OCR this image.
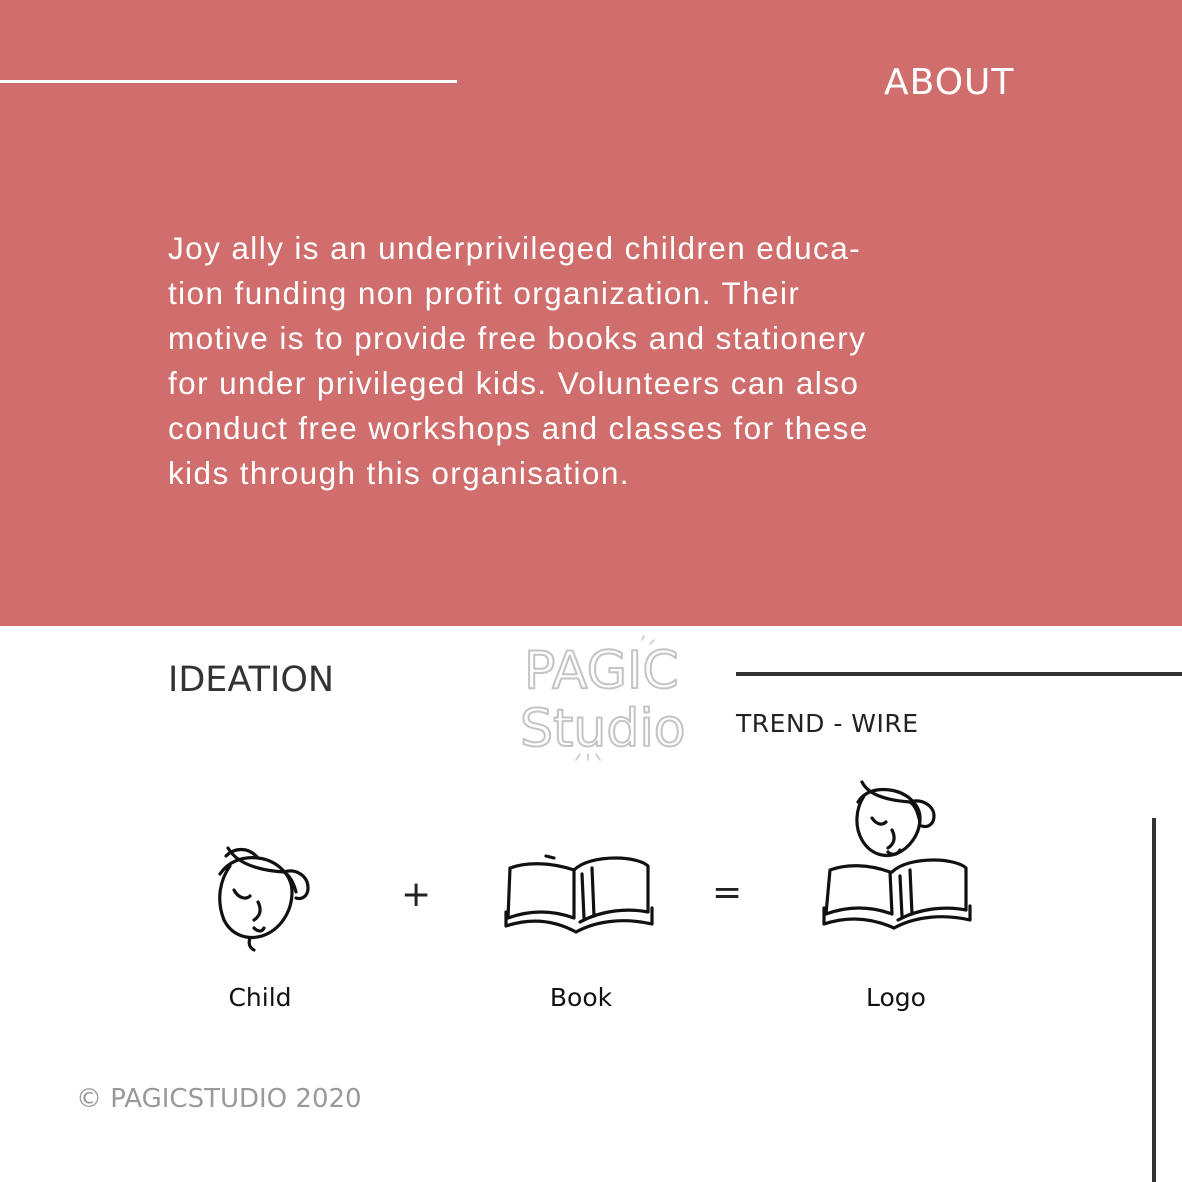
ABOUT
Joy ally is an underprivileged children educa-
tion funding non profit organization. Their
motive is to provide free books and stationery
for under privileged kids. Volunteers can also
conduct free workshops and classes for these
kids through this organisation.
IDEATION
TREND - WIRE
PAGIC
Studio
+	=
Child	Book	Logo
© PAGICSTUDIO 2020
